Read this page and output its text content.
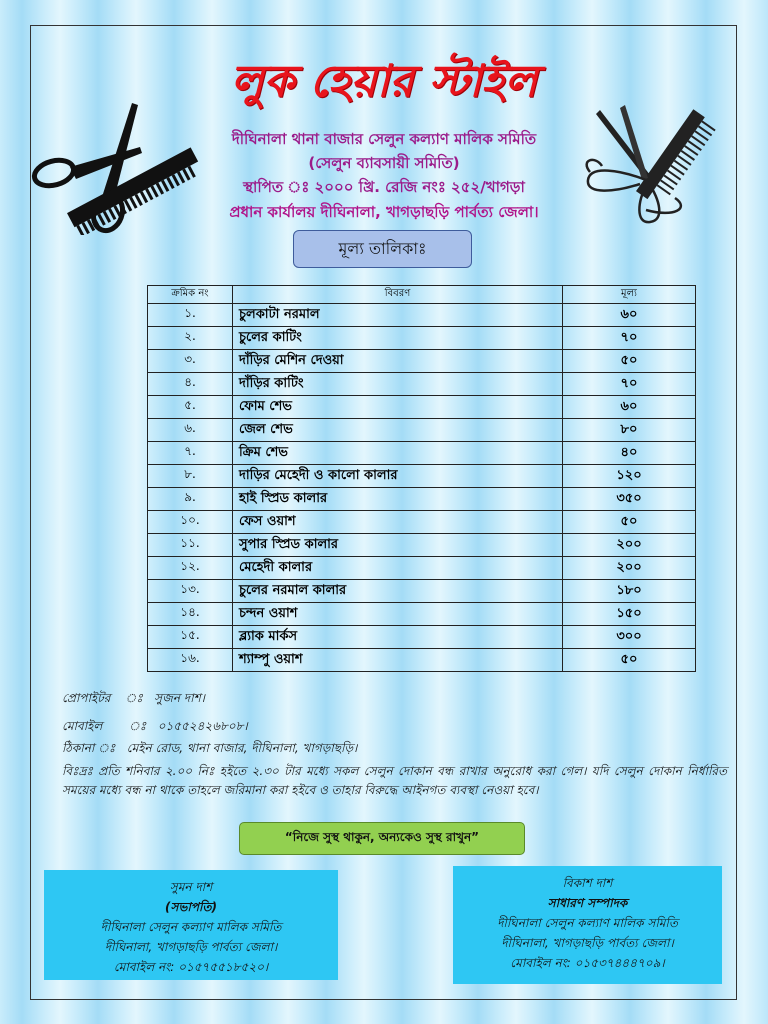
লুক হেয়ার স্টাইল
দীঘিনালা থানা বাজার সেলুন কল্যাণ মালিক সমিতি
(সেলুন ব্যাবসায়ী সমিতি)
স্থাপিত ঃ ২০০০ খ্রি. রেজি নংঃ ২৫২/খাগড়া
প্রধান কার্যালয় দীঘিনালা, খাগড়াছড়ি পার্বত্য জেলা।
মূল্য তালিকাঃ
ক্রমিক নং	বিবরণ	মূল্য
১.	চুলকাটা নরমাল	৬০
২.	চুলের কাটিং	৭০
৩.	দাঁড়ির মেশিন দেওয়া	৫০
৪.	দাঁড়ির কাটিং	৭০
৫.	ফোম শেভ	৬০
৬.	জেল শেভ	৮০
৭.	ক্রিম শেভ	৪০
৮.	দাড়ির মেহেদী ও কালো কালার	১২০
৯.	হাই স্প্রিড কালার	৩৫০
১০.	ফেস ওয়াশ	৫০
১১.	সুপার স্প্রিড কালার	২০০
১২.	মেহেদী কালার	২০০
১৩.	চুলের নরমাল কালার	১৮০
১৪.	চন্দন ওয়াশ	১৫০
১৫.	ব্ল্যাক মার্কস	৩০০
১৬.	শ্যাম্পু ওয়াশ	৫০
প্রোপাইটর    ঃ   সুজন দাশ।
মোবাইল       ঃ   ০১৫৫২৪২৬৮০৮।
ঠিকানা ঃ   মেইন রোড, থানা বাজার, দীঘিনালা, খাগড়াছড়ি।
বিঃদ্রঃ প্রতি শনিবার ২.০০ নিঃ হইতে ২.৩০ টার মধ্যে সকল সেলুন দোকান বন্ধ রাখার অনুরোধ করা গেল। যদি সেলুন দোকান নির্ধারিত সময়ের মধ্যে বন্ধ না থাকে তাহলে জরিমানা করা হইবে ও তাহার বিরুদ্ধে আইনগত ব্যবস্থা নেওয়া হবে।
“নিজে সুস্থ থাকুন, অন্যকেও সুস্থ রাখুন”
সুমন দাশ
(সভাপতি)
দীঘিনালা সেলুন কল্যাণ মালিক সমিতি
দীঘিনালা, খাগড়াছড়ি পার্বত্য জেলা।
মোবাইল নং: ০১৫৭৫৫১৮৫২০।
বিকাশ দাশ
সাধারণ সম্পাদক
দীঘিনালা সেলুন কল্যাণ মালিক সমিতি
দীঘিনালা, খাগড়াছড়ি পার্বত্য জেলা।
মোবাইল নং: ০১৫৩৭৪৪৪৭০৯।
